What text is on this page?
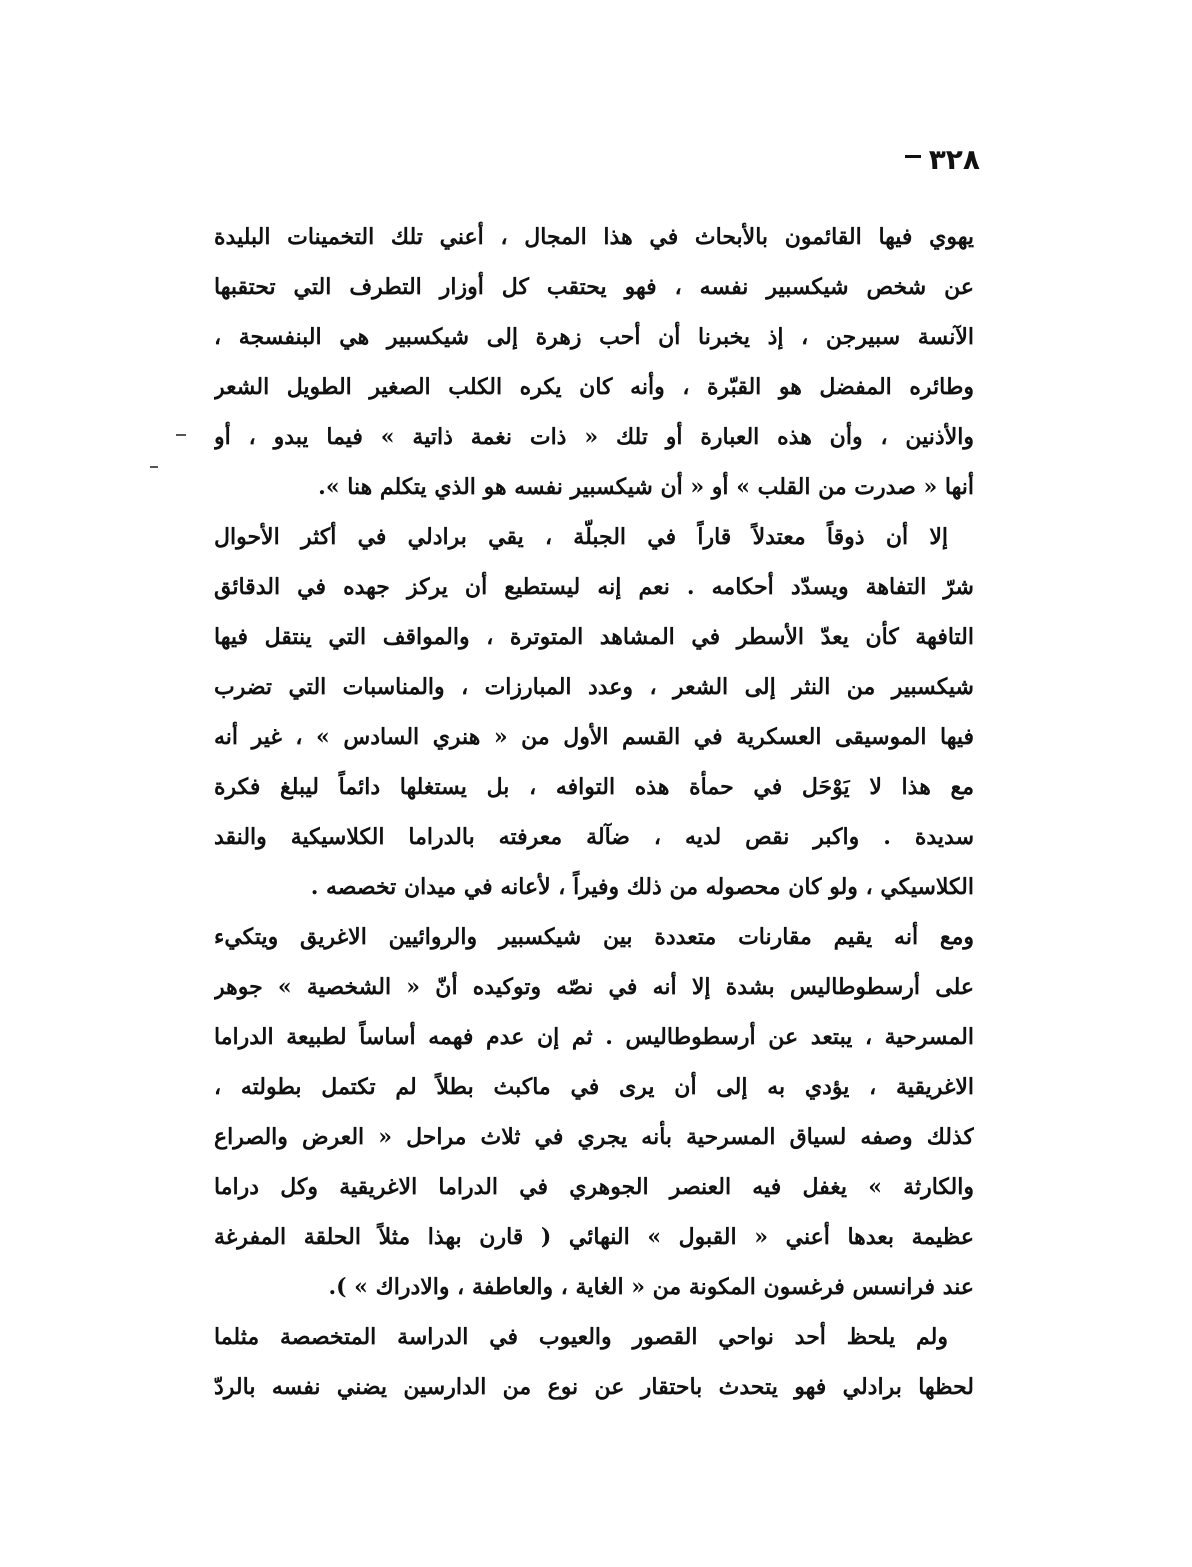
٣٢٨
يهوي فيها القائمون بالأبحاث في هذا المجال ، أعني تلك التخمينات البليدة
عن شخص شيكسبير نفسه ، فهو يحتقب كل أوزار التطرف التي تحتقبها
الآنسة سبيرجن ، إذ يخبرنا أن أحب زهرة إلى شيكسبير هي البنفسجة ،
وطائره المفضل هو القبّرة ، وأنه كان يكره الكلب الصغير الطويل الشعر
والأذنين ، وأن هذه العبارة أو تلك « ذات نغمة ذاتية » فيما يبدو ، أو
أنها « صدرت من القلب » أو « أن شيكسبير نفسه هو الذي يتكلم هنا ».
إلا أن ذوقاً معتدلاً قاراً في الجبلّة ، يقي برادلي في أكثر الأحوال
شرّ التفاهة ويسدّد أحكامه . نعم إنه ليستطيع أن يركز جهده في الدقائق
التافهة كأن يعدّ الأسطر في المشاهد المتوترة ، والمواقف التي ينتقل فيها
شيكسبير من النثر إلى الشعر ، وعدد المبارزات ، والمناسبات التي تضرب
فيها الموسيقى العسكرية في القسم الأول من « هنري السادس » ، غير أنه
مع هذا لا يَوْحَل في حمأة هذه التوافه ، بل يستغلها دائماً ليبلغ فكرة
سديدة . واكبر نقص لديه ، ضآلة معرفته بالدراما الكلاسيكية والنقد
الكلاسيكي ، ولو كان محصوله من ذلك وفيراً ، لأعانه في ميدان تخصصه .
ومع أنه يقيم مقارنات متعددة بين شيكسبير والروائيين الاغريق ويتكيء
على أرسطوطاليس بشدة إلا أنه في نصّه وتوكيده أنّ « الشخصية » جوهر
المسرحية ، يبتعد عن أرسطوطاليس . ثم إن عدم فهمه أساساً لطبيعة الدراما
الاغريقية ، يؤدي به إلى أن يرى في ماكبث بطلاً لم تكتمل بطولته ،
كذلك وصفه لسياق المسرحية بأنه يجري في ثلاث مراحل « العرض والصراع
والكارثة » يغفل فيه العنصر الجوهري في الدراما الاغريقية وكل دراما
عظيمة بعدها أعني « القبول » النهائي ( قارن بهذا مثلاً الحلقة المفرغة
عند فرانسس فرغسون المكونة من « الغاية ، والعاطفة ، والادراك » ).
ولم يلحظ أحد نواحي القصور والعيوب في الدراسة المتخصصة مثلما
لحظها برادلي فهو يتحدث باحتقار عن نوع من الدارسين يضني نفسه بالردّ
